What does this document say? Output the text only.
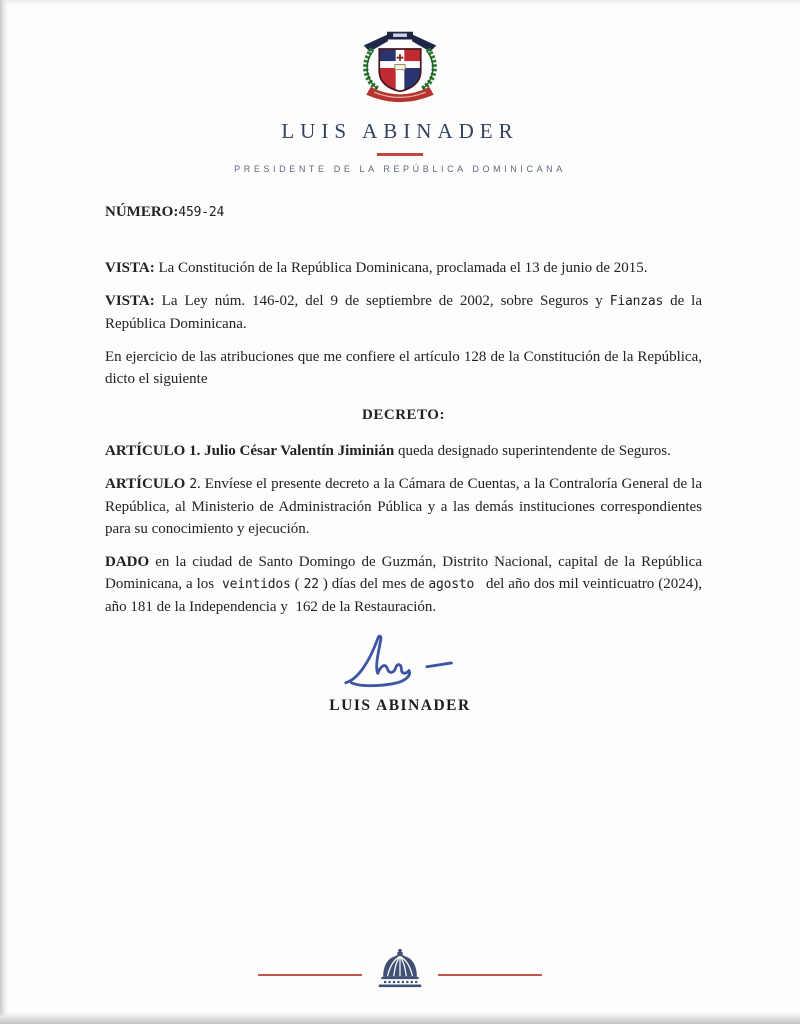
LUIS ABINADER
PRESIDENTE DE LA REPÚBLICA DOMINICANA

NÚMERO:459-24

VISTA: La Constitución de la República Dominicana, proclamada el 13 de junio de 2015.

VISTA: La Ley núm. 146-02, del 9 de septiembre de 2002, sobre Seguros y Fianzas de la República Dominicana.

En ejercicio de las atribuciones que me confiere el artículo 128 de la Constitución de la República, dicto el siguiente

DECRETO:

ARTÍCULO 1. Julio César Valentín Jiminián queda designado superintendente de Seguros.

ARTÍCULO 2. Envíese el presente decreto a la Cámara de Cuentas, a la Contraloría General de la República, al Ministerio de Administración Pública y a las demás instituciones correspondientes para su conocimiento y ejecución.

DADO en la ciudad de Santo Domingo de Guzmán, Distrito Nacional, capital de la República Dominicana, a los  veintidos ( 22 ) días del mes de agosto   del año dos mil veinticuatro (2024), año 181 de la Independencia y  162 de la Restauración.

LUIS ABINADER
